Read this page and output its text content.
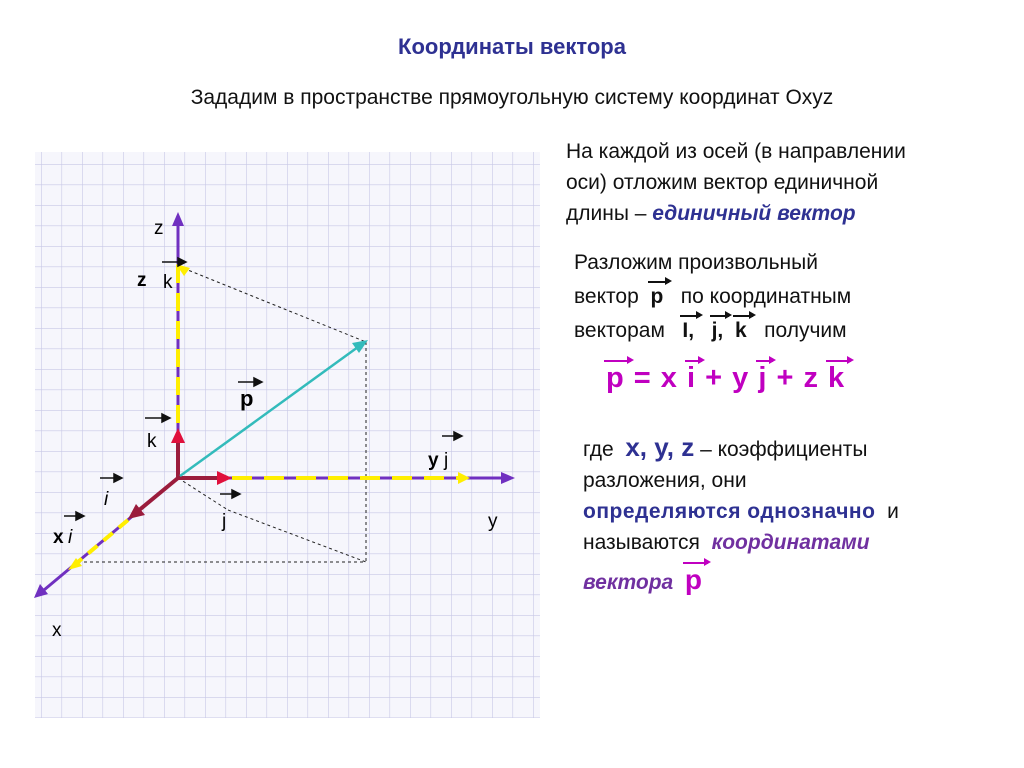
Координаты вектора
Зададим в пространстве прямоугольную систему координат Oxyz
z
y
x
z k
k
i
j
y j
x i
p
На каждой из осей (в направлении
оси) отложим вектор единичной
длины – единичный вектор
Разложим произвольный
вектор p по координатным
векторам I, j, k получим
p = x i + y j + z k
где x, y, z – коэффициенты
разложения, они
определяются однозначно и
называются координатами
вектора p
